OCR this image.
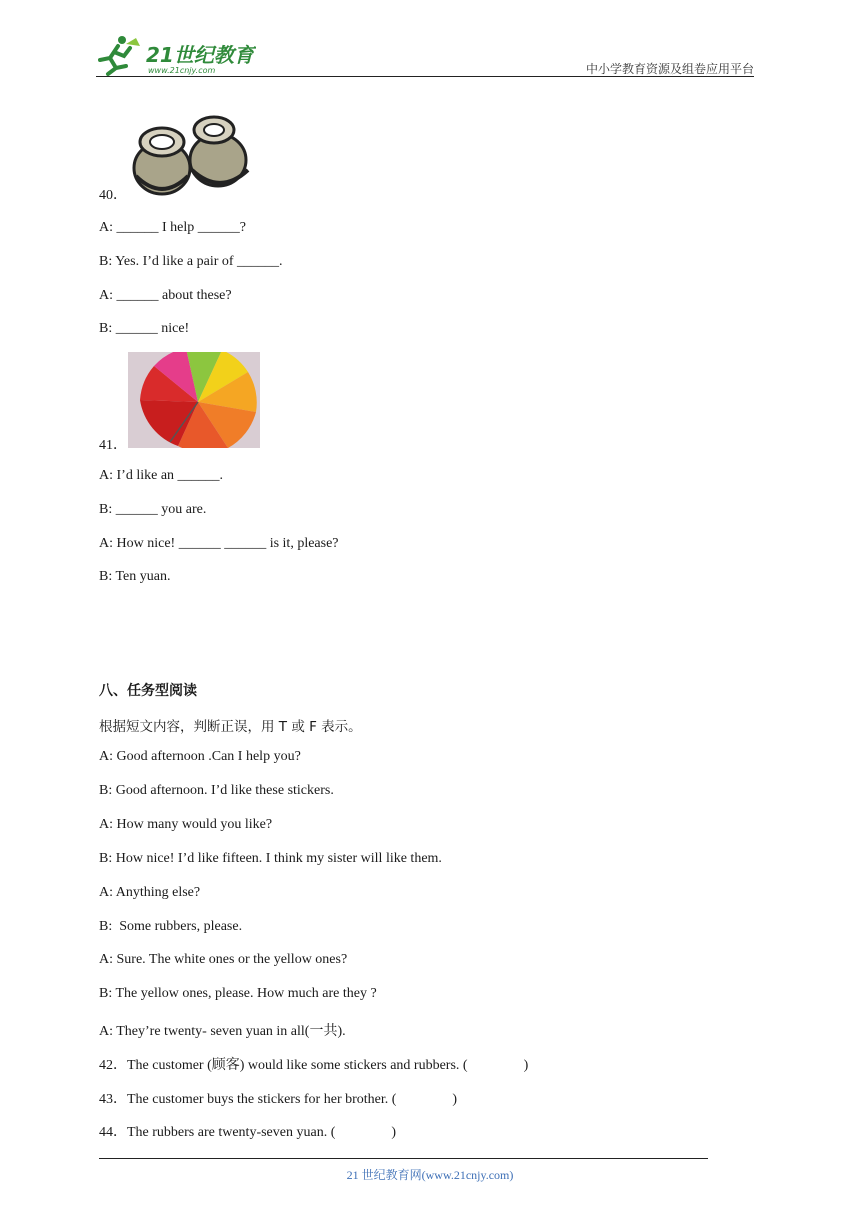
21世纪教育
www.21cnjy.com	中小学教育资源及组卷应用平台
40．
A: ______ I help ______?
B: Yes. I’d like a pair of ______.
A: ______ about these?
B: ______ nice!
41．
A: I’d like an ______.
B: ______ you are.
A: How nice! ______ ______ is it, please?
B: Ten yuan.
八、任务型阅读
根据短文内容，判断正误，用 T 或 F 表示。
A: Good afternoon .Can I help you?
B: Good afternoon. I’d like these stickers.
A: How many would you like?
B: How nice! I’d like fifteen. I think my sister will like them.
A: Anything else?
B:  Some rubbers, please.
A: Sure. The white ones or the yellow ones?
B: The yellow ones, please. How much are they ?
A: They’re twenty- seven yuan in all(一共).
42．The customer (顾客) would like some stickers and rubbers. (                )
43．The customer buys the stickers for her brother. (                )
44．The rubbers are twenty-seven yuan. (                )
21 世纪教育网(www.21cnjy.com)
